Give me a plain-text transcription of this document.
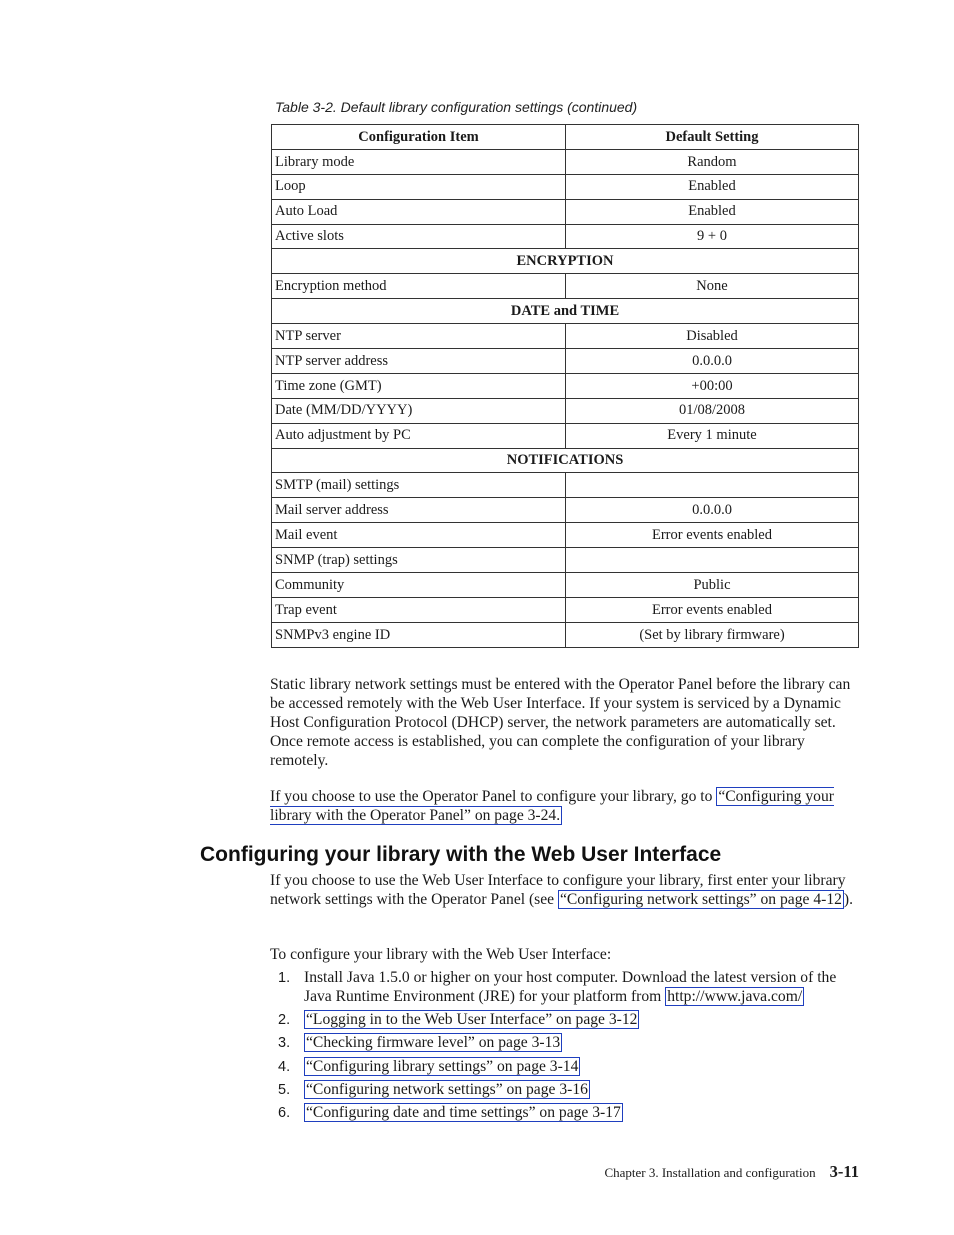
Table 3-2. Default library configuration settings (continued)
Configuration Item	Default Setting
Library mode	Random
Loop	Enabled
Auto Load	Enabled
Active slots	9 + 0
ENCRYPTION	
Encryption method	None
DATE and TIME	
NTP server	Disabled
NTP server address	0.0.0.0
Time zone (GMT)	+00:00
Date (MM/DD/YYYY)	01/08/2008
Auto adjustment by PC	Every 1 minute
NOTIFICATIONS	
SMTP (mail) settings	
Mail server address	0.0.0.0
Mail event	Error events enabled
SNMP (trap) settings	
Community	Public
Trap event	Error events enabled
SNMPv3 engine ID	(Set by library firmware)
Static library network settings must be entered with the Operator Panel before the library can be accessed remotely with the Web User Interface. If your system is serviced by a Dynamic Host Configuration Protocol (DHCP) server, the network parameters are automatically set. Once remote access is established, you can complete the configuration of your library remotely.
If you choose to use the Operator Panel to configure your library, go to “Configuring your library with the Operator Panel” on page 3-24.
Configuring your library with the Web User Interface
If you choose to use the Web User Interface to configure your library, first enter your library network settings with the Operator Panel (see “Configuring network settings” on page 4-12 ).
To configure your library with the Web User Interface:
1. Install Java 1.5.0 or higher on your host computer. Download the latest version of the Java Runtime Environment (JRE) for your platform from http://www.java.com/
2. “Logging in to the Web User Interface” on page 3-12
3. “Checking firmware level” on page 3-13
4. “Configuring library settings” on page 3-14
5. “Configuring network settings” on page 3-16
6. “Configuring date and time settings” on page 3-17
Chapter 3. Installation and configuration 3-11
